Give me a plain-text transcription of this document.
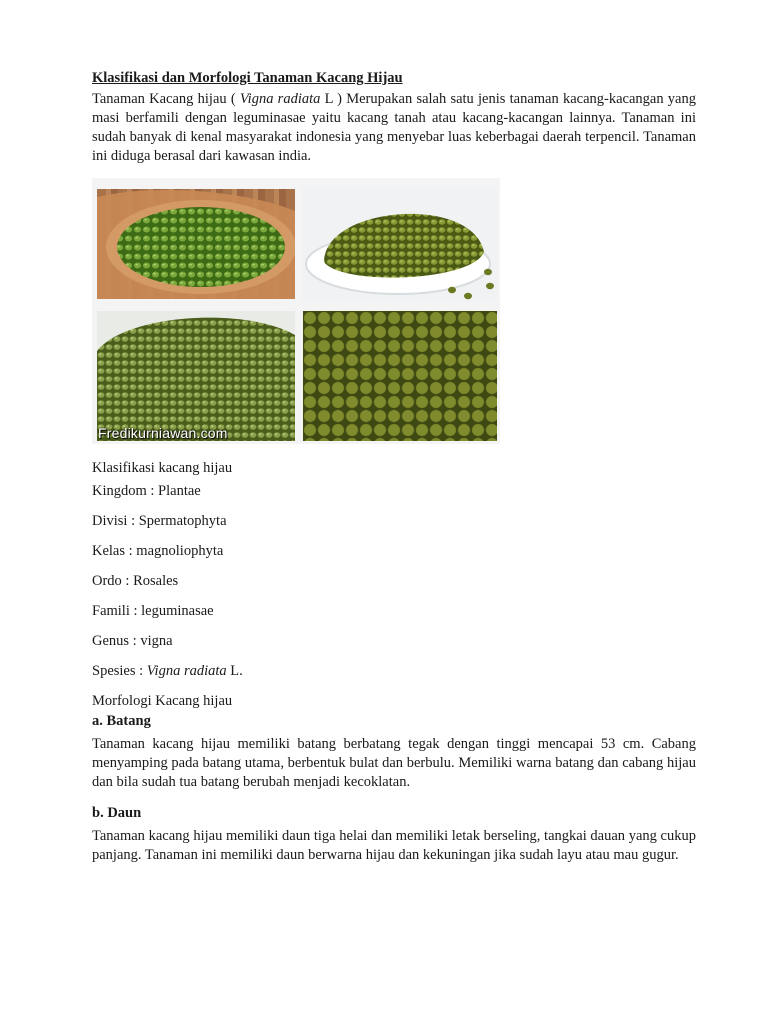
Klasifikasi dan Morfologi Tanaman Kacang Hijau

Tanaman Kacang hijau ( Vigna radiata L ) Merupakan salah satu jenis tanaman kacang-kacangan yang masi berfamili dengan leguminasae yaitu kacang tanah atau kacang-kacangan lainnya. Tanaman ini sudah banyak di kenal masyarakat indonesia yang menyebar luas keberbagai daerah terpencil. Tanaman ini diduga berasal dari kawasan india.

Fredikurniawan.com
Klasifikasi kacang hijau
Kingdom : Plantae
Divisi : Spermatophyta
Kelas : magnoliophyta
Ordo : Rosales
Famili : leguminasae
Genus : vigna
Spesies : Vigna radiata L.
Morfologi Kacang hijau
a. Batang

Tanaman kacang hijau memiliki batang berbatang tegak dengan tinggi mencapai 53 cm. Cabang menyamping pada batang utama, berbentuk bulat dan berbulu. Memiliki warna batang dan cabang hijau dan bila sudah tua batang berubah menjadi kecoklatan.

b. Daun

Tanaman kacang hijau memiliki daun tiga helai dan memiliki letak berseling, tangkai dauan yang cukup panjang. Tanaman ini memiliki daun berwarna hijau dan kekuningan jika sudah layu atau mau gugur.
